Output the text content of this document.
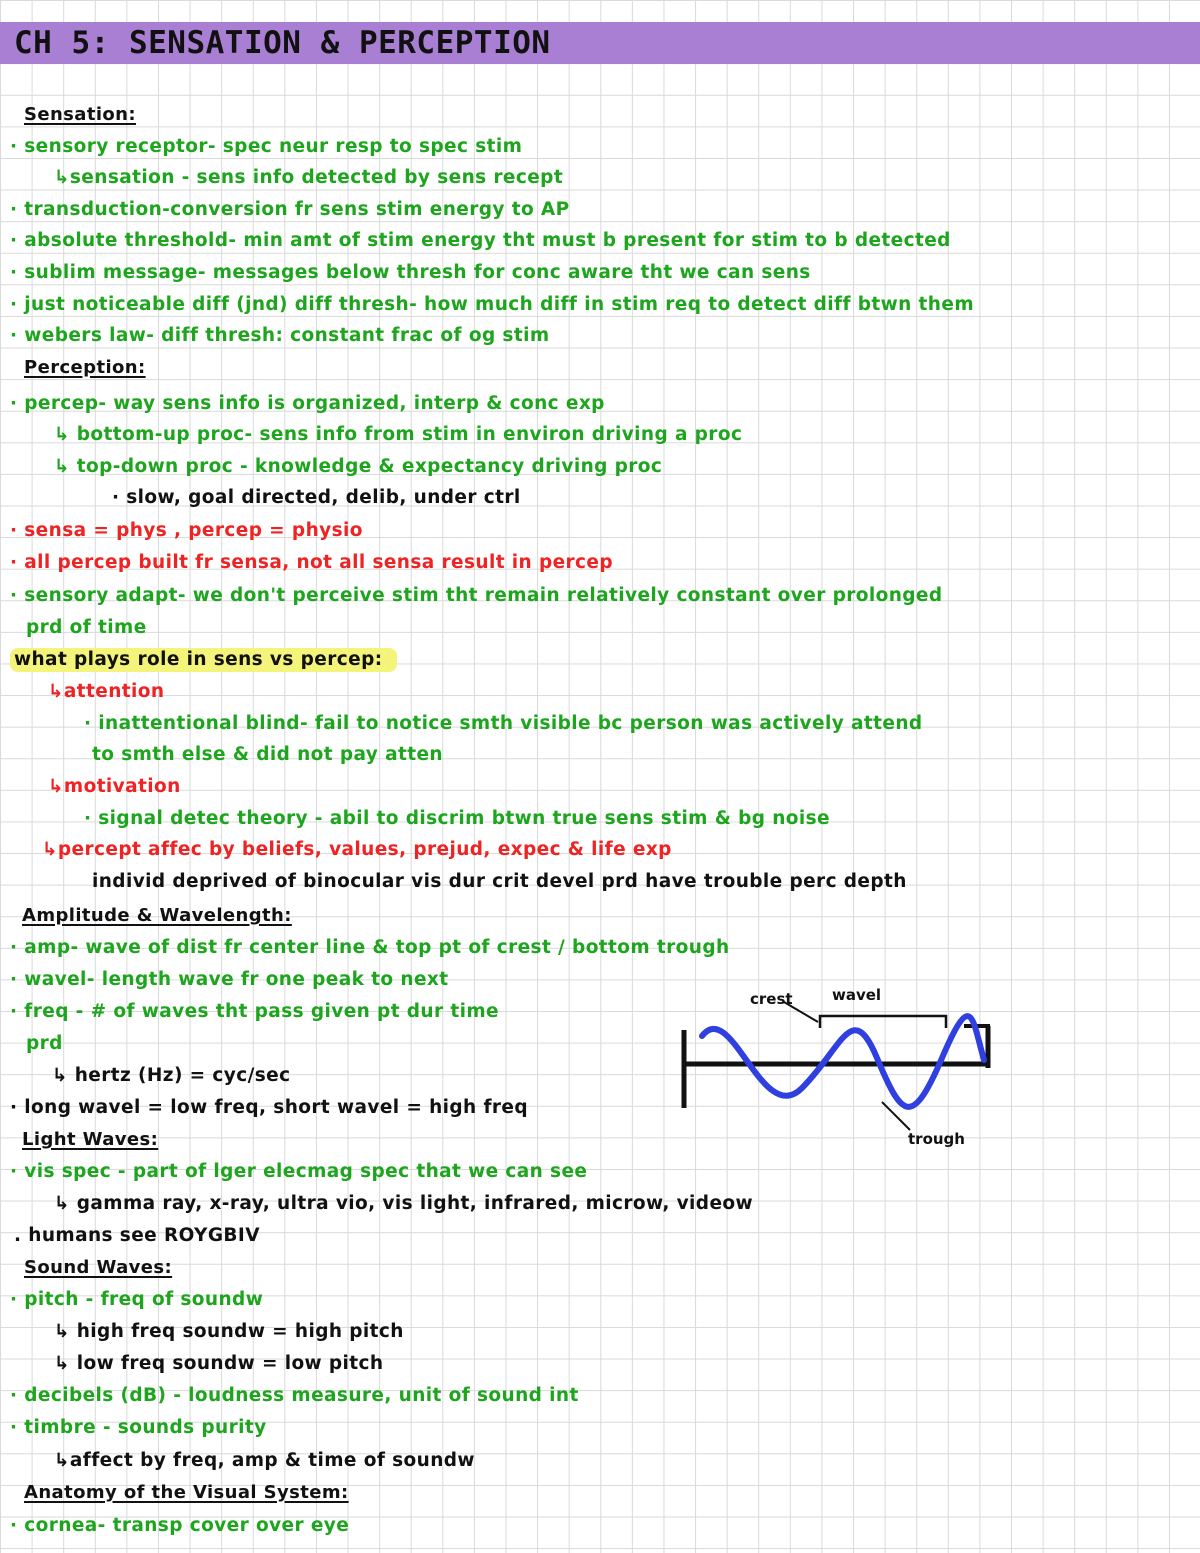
CH 5: SENSATION & PERCEPTION
Sensation:
· sensory receptor- spec neur resp to spec stim
↳sensation - sens info detected by sens recept
· transduction-conversion fr sens stim energy to AP
· absolute threshold- min amt of stim energy tht must b present for stim to b detected
· sublim message- messages below thresh for conc aware tht we can sens
· just noticeable diff (jnd) diff thresh- how much diff in stim req to detect diff btwn them
· webers law- diff thresh: constant frac of og stim
Perception:
· percep- way sens info is organized, interp & conc exp
↳ bottom-up proc- sens info from stim in environ driving a proc
↳ top-down proc - knowledge & expectancy driving proc
· slow, goal directed, delib, under ctrl
· sensa = phys , percep = physio
· all percep built fr sensa, not all sensa result in percep
· sensory adapt- we don't perceive stim tht remain relatively constant over prolonged
prd of time
what plays role in sens vs percep:
↳attention
· inattentional blind- fail to notice smth visible bc person was actively attend
to smth else & did not pay atten
↳motivation
· signal detec theory - abil to discrim btwn true sens stim & bg noise
↳percept affec by beliefs, values, prejud, expec & life exp
individ deprived of binocular vis dur crit devel prd have trouble perc depth
Amplitude & Wavelength:
· amp- wave of dist fr center line & top pt of crest / bottom trough
· wavel- length wave fr one peak to next
· freq - # of waves tht pass given pt dur time
prd
↳ hertz (Hz) = cyc/sec
· long wavel = low freq, short wavel = high freq
Light Waves:
· vis spec - part of lger elecmag spec that we can see
↳ gamma ray, x-ray, ultra vio, vis light, infrared, microw, videow
. humans see ROYGBIV
Sound Waves:
· pitch - freq of soundw
↳ high freq soundw = high pitch
↳ low freq soundw = low pitch
· decibels (dB) - loudness measure, unit of sound int
· timbre - sounds purity
↳affect by freq, amp & time of soundw
Anatomy of the Visual System:
· cornea- transp cover over eye
crest	wavel
trough
